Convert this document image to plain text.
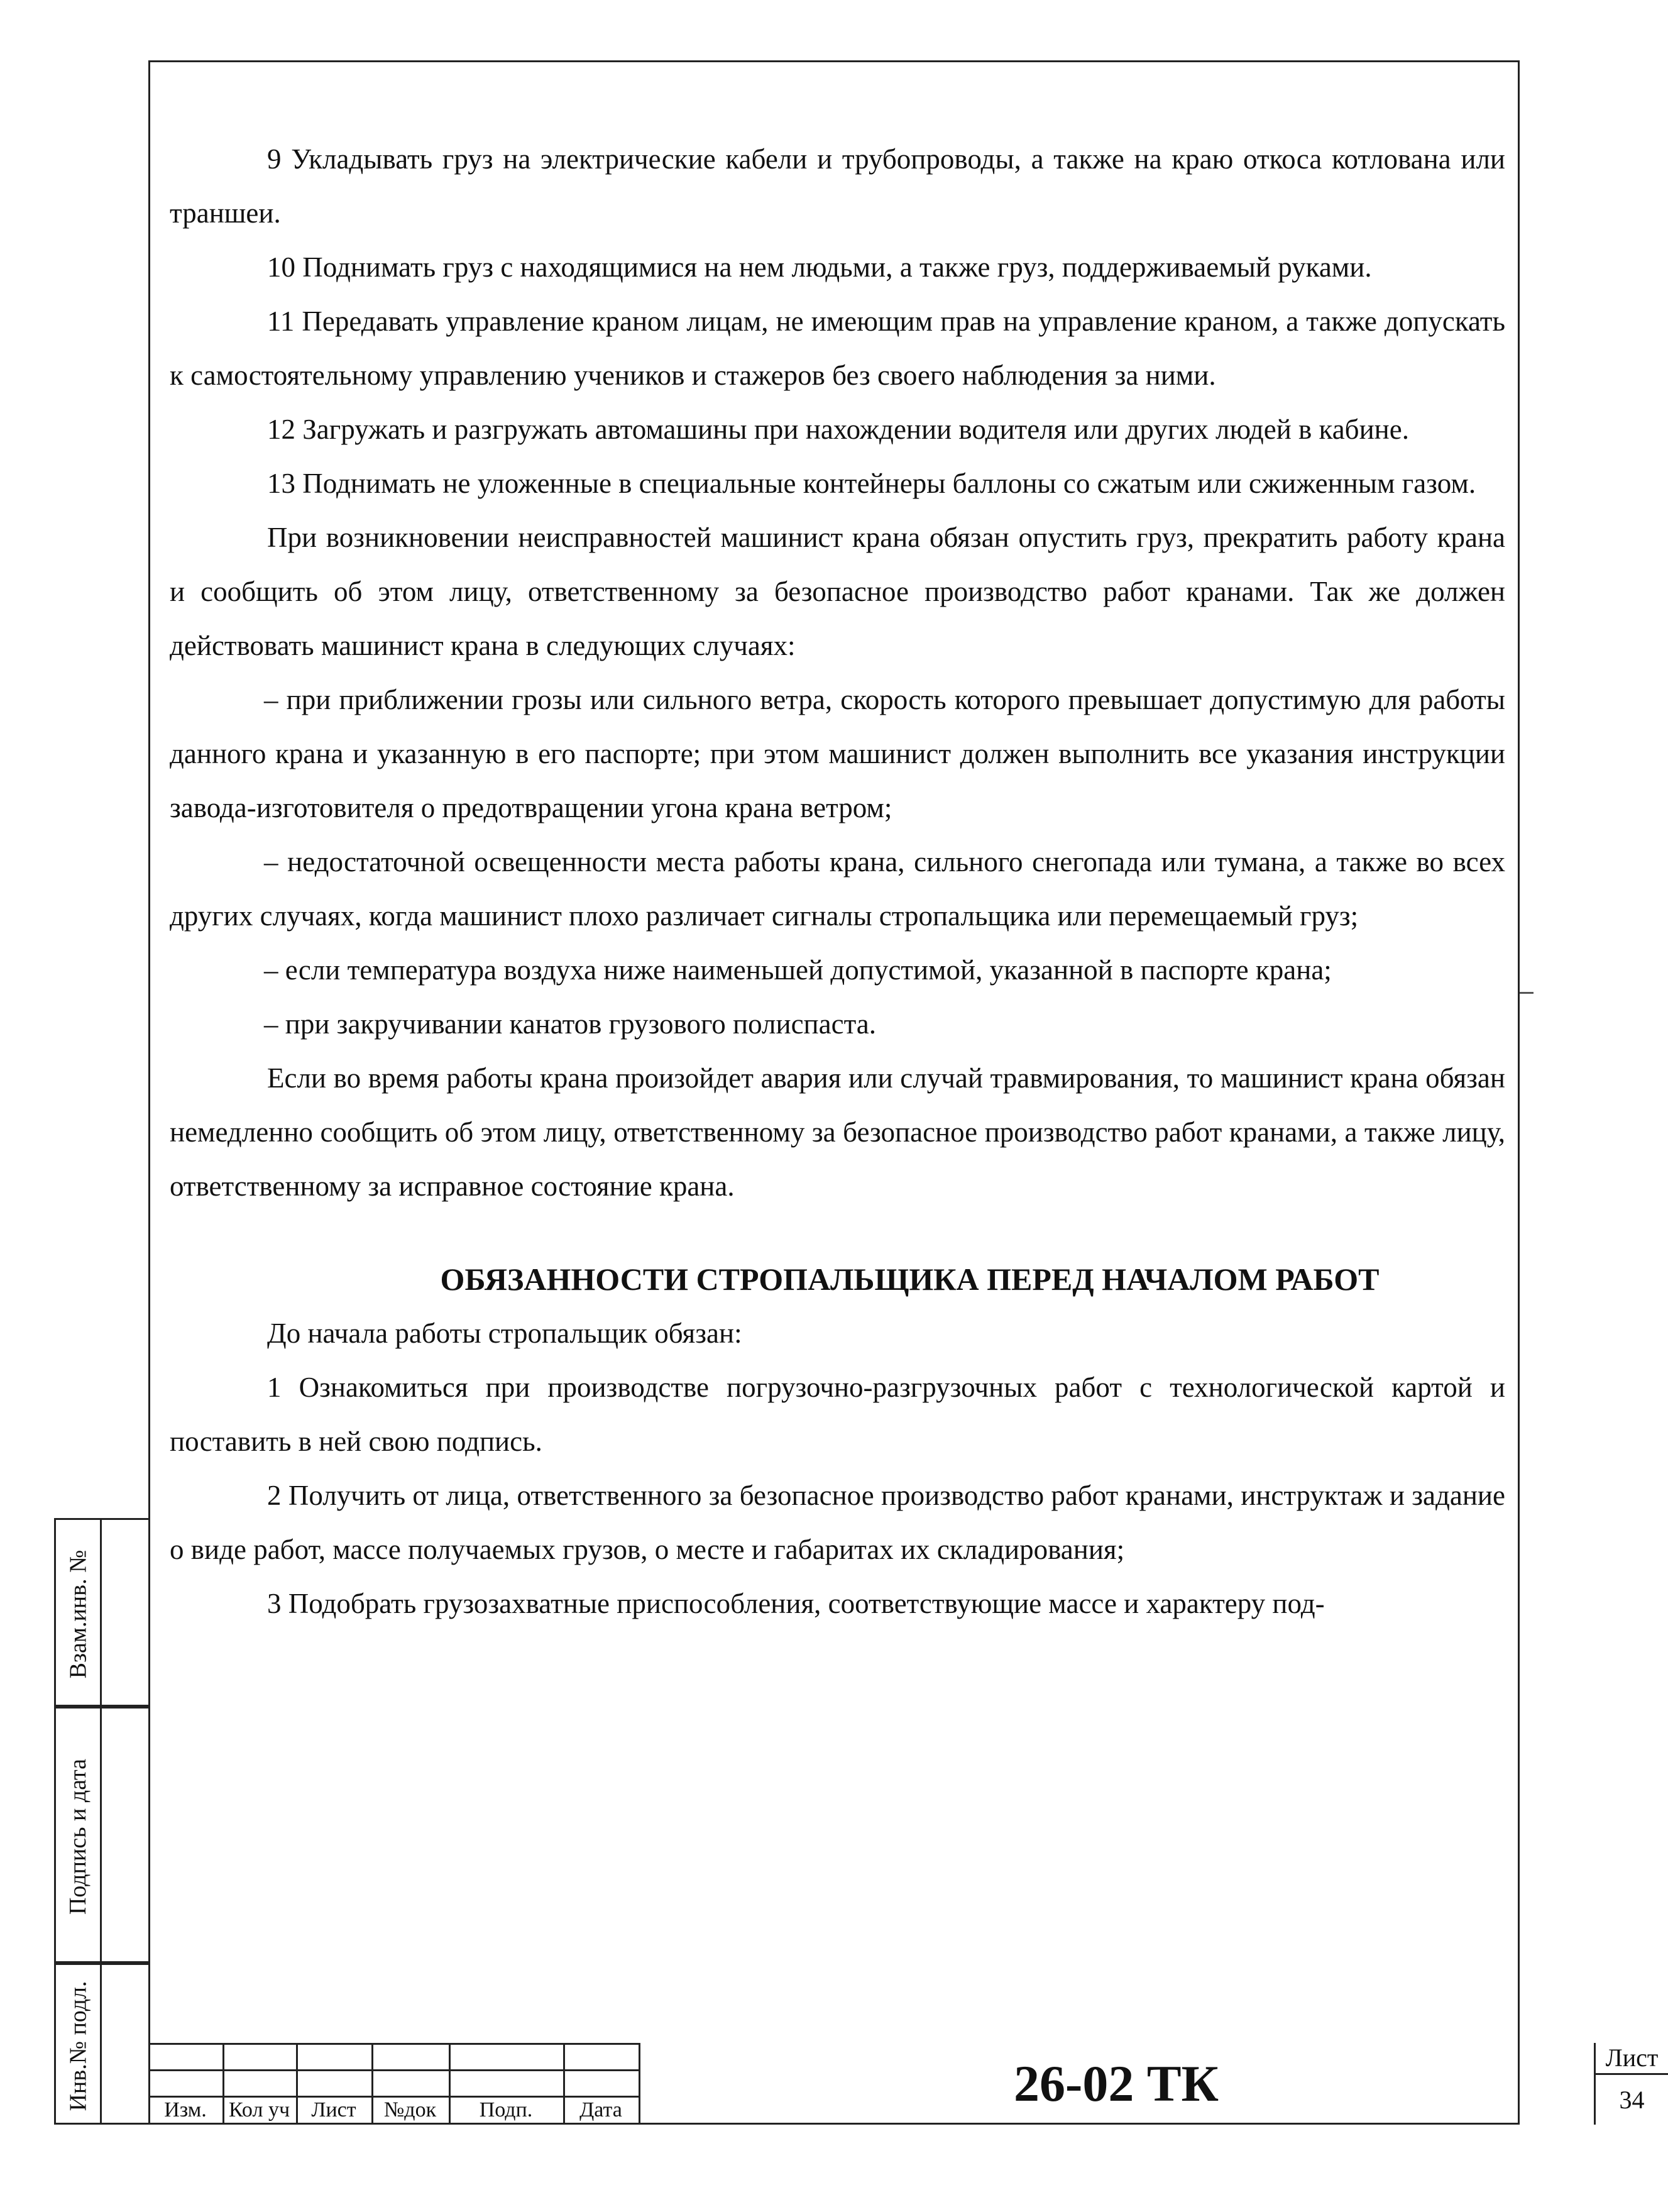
9 Укладывать груз на электрические кабели и трубопроводы, а также на краю откоса котлована или траншеи.

10 Поднимать груз с находящимися на нем людьми, а также груз, поддерживаемый руками.

11 Передавать управление краном лицам, не имеющим прав на управление краном, а также допускать к самостоятельному управлению учеников и стажеров без своего наблюдения за ними.

12 Загружать и разгружать автомашины при нахождении водителя или других людей в кабине.

13 Поднимать не уложенные в специальные контейнеры баллоны со сжатым или сжиженным газом.

При возникновении неисправностей машинист крана обязан опустить груз, прекратить работу крана и сообщить об этом лицу, ответственному за безопасное производство работ кранами. Так же должен действовать машинист крана в следующих случаях:

– при приближении грозы или сильного ветра, скорость которого превышает допустимую для работы данного крана и указанную в его паспорте; при этом машинист должен выполнить все указания инструкции завода-изготовителя о предотвращении угона крана ветром;

– недостаточной освещенности места работы крана, сильного снегопада или тумана, а также во всех других случаях, когда машинист плохо различает сигналы стропальщика или перемещаемый груз;

– если температура воздуха ниже наименьшей допустимой, указанной в паспорте крана;

– при закручивании канатов грузового полиспаста.

Если во время работы крана произойдет авария или случай травмирования, то машинист крана обязан немедленно сообщить об этом лицу, ответственному за безопасное производство работ кранами, а также лицу, ответственному за исправное состояние крана.

ОБЯЗАННОСТИ СТРОПАЛЬЩИКА ПЕРЕД НАЧАЛОМ РАБОТ

До начала работы стропальщик обязан:

1 Ознакомиться при производстве погрузочно-разгрузочных работ с технологической картой и поставить в ней свою подпись.

2 Получить от лица, ответственного за безопасное производство работ кранами, инструктаж и задание о виде работ, массе получаемых грузов, о месте и габаритах их складирования;

3 Подобрать грузозахватные приспособления, соответствующие массе и характеру под-

Взам.инв. №
Подпись и дата
Инв.№ подл.	Изм.	Кол уч	Лист	№док	Подп.	Дата	26-02 ТК	Лист
34
